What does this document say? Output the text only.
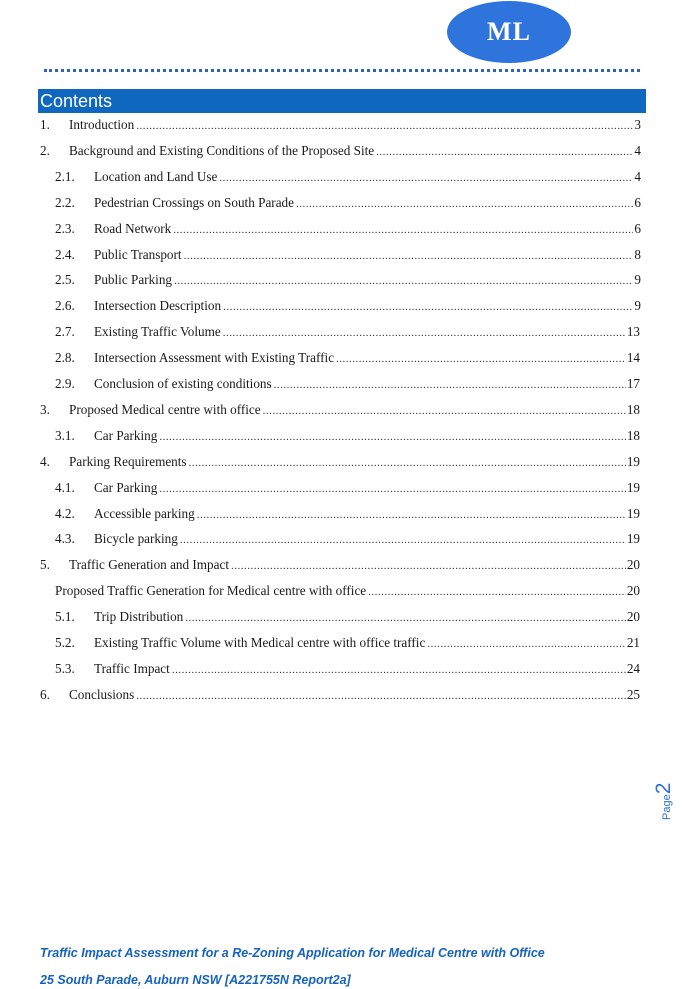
ML
Contents
1. Introduction .....	3
2. Background and Existing Conditions of the Proposed Site .....	4
2.1. Location and Land Use .....	4
2.2. Pedestrian Crossings on South Parade .....	6
2.3. Road Network .....	6
2.4. Public Transport .....	8
2.5. Public Parking .....	9
2.6. Intersection Description .....	9
2.7. Existing Traffic Volume .....	13
2.8. Intersection Assessment with Existing Traffic .....	14
2.9. Conclusion of existing conditions .....	17
3. Proposed Medical centre with office .....	18
3.1. Car Parking .....	18
4. Parking Requirements .....	19
4.1. Car Parking .....	19
4.2. Accessible parking .....	19
4.3. Bicycle parking .....	19
5. Traffic Generation and Impact .....	20
Proposed Traffic Generation for Medical centre with office .....	20
5.1. Trip Distribution .....	20
5.2. Existing Traffic Volume with Medical centre with office traffic .....	21
5.3. Traffic Impact .....	24
6. Conclusions .....	25
Page
2
Traffic Impact Assessment for a Re-Zoning Application for Medical Centre with Office
25 South Parade, Auburn NSW [A221755N Report2a]
